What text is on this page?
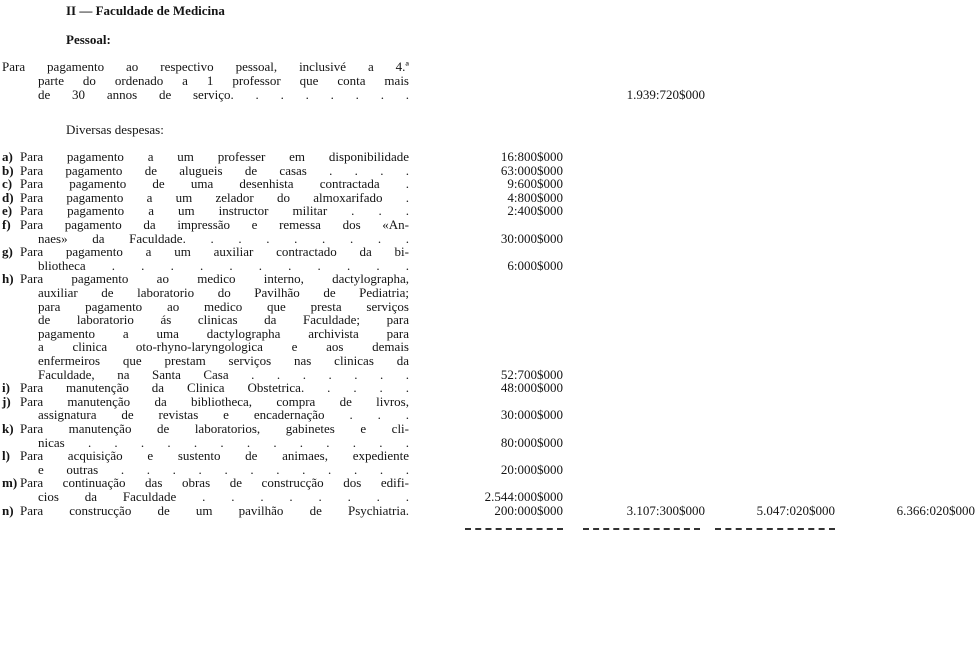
II — Faculdade de Medicina
Pessoal:
Para pagamento ao respectivo pessoal, inclusivé a 4.ª
parte do ordenado a 1 professor que conta mais
de 30 annos de serviço. . . . . . . .	1.939:720$000
Diversas despesas:
a) Para pagamento a um professer em disponibilidade	16:800$000
b) Para pagamento de alugueis de casas . . . .	63:000$000
c) Para pagamento de uma desenhista contractada .	9:600$000
d) Para pagamento a um zelador do almoxarifado .	4:800$000
e) Para pagamento a um instructor militar . . .	2:400$000
f) Para pagamento da impressão e remessa dos «An-
naes» da Faculdade. . . . . . . . .	30:000$000
g) Para pagamento a um auxiliar contractado da bi-
bliotheca . . . . . . . . . . .	6:000$000
h) Para pagamento ao medico interno, dactylographa,
auxiliar de laboratorio do Pavilhão de Pediatria;
para pagamento ao medico que presta serviços
de laboratorio ás clinicas da Faculdade; para
pagamento a uma dactylographa archivista para
a clinica oto-rhyno-laryngologica e aos demais
enfermeiros que prestam serviços nas clinicas da
Faculdade, na Santa Casa . . . . . . .	52:700$000
i) Para manutenção da Clinica Obstetrica. . . . .	48:000$000
j) Para manutenção da bibliotheca, compra de livros,
assignatura de revistas e encadernação . . .	30:000$000
k) Para manutenção de laboratorios, gabinetes e cli-
nicas . . . . . . . . . . . . .	80:000$000
l) Para acquisição e sustento de animaes, expediente
e outras . . . . . . . . . . . .	20:000$000
m) Para continuação das obras de construcção dos edifi-
cios da Faculdade . . . . . . . .	2.544:000$000
n) Para construcção de um pavilhão de Psychiatria.	200:000$000	3.107:300$000	5.047:020$000	6.366:020$000
